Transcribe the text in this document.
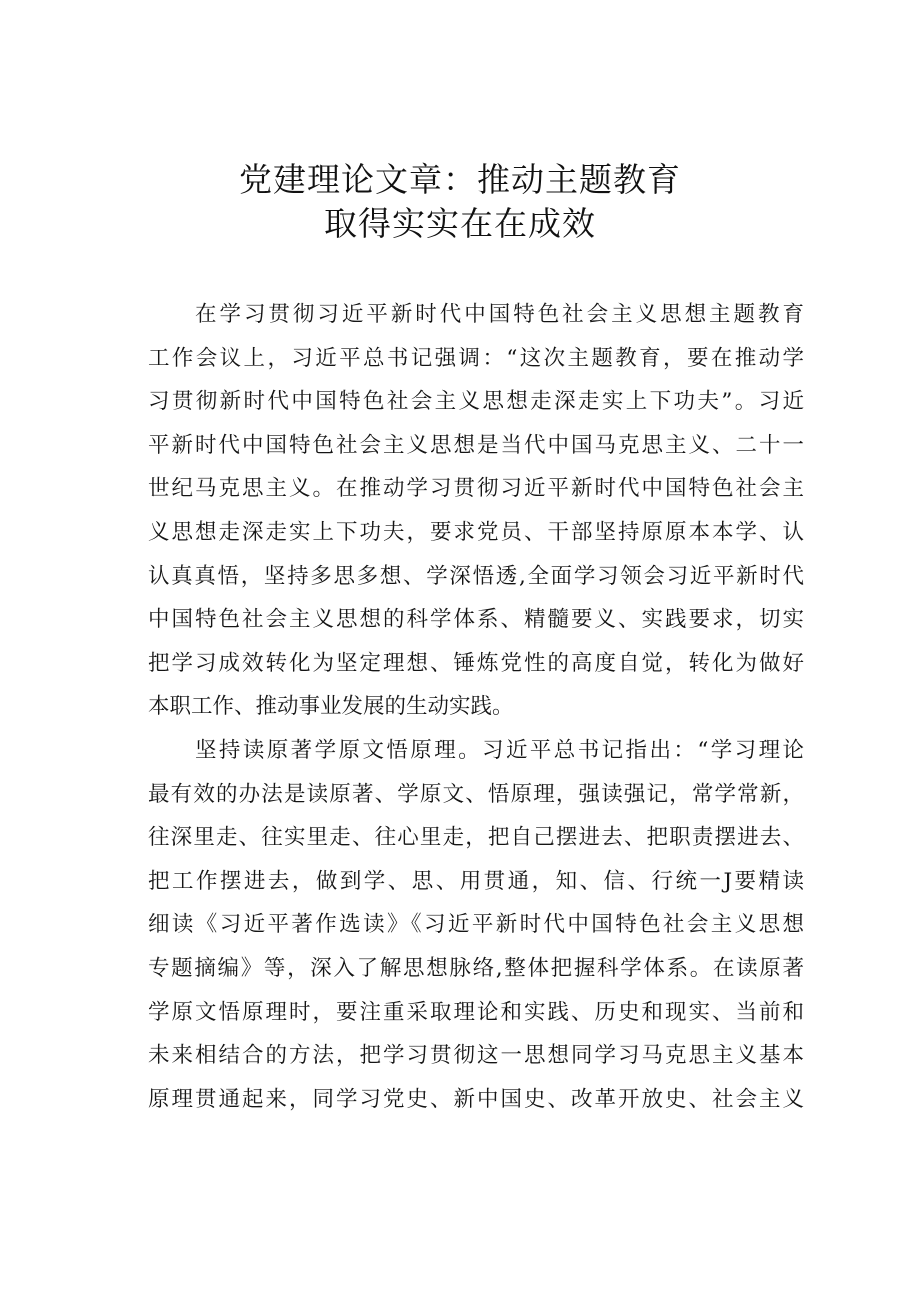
党建理论文章：推动主题教育
取得实实在在成效
在学习贯彻习近平新时代中国特色社会主义思想主题教育
工作会议上，习近平总书记强调：“这次主题教育，要在推动学
习贯彻新时代中国特色社会主义思想走深走实上下功夫”。习近
平新时代中国特色社会主义思想是当代中国马克思主义、二十一
世纪马克思主义。在推动学习贯彻习近平新时代中国特色社会主
义思想走深走实上下功夫，要求党员、干部坚持原原本本学、认
认真真悟，坚持多思多想、学深悟透,全面学习领会习近平新时代
中国特色社会主义思想的科学体系、精髓要义、实践要求，切实
把学习成效转化为坚定理想、锤炼党性的高度自觉，转化为做好
本职工作、推动事业发展的生动实践。
坚持读原著学原文悟原理。习近平总书记指出：“学习理论
最有效的办法是读原著、学原文、悟原理，强读强记，常学常新，
往深里走、往实里走、往心里走，把自己摆进去、把职责摆进去、
把工作摆进去，做到学、思、用贯通，知、信、行统一J要精读
细读《习近平著作选读》《习近平新时代中国特色社会主义思想
专题摘编》等，深入了解思想脉络,整体把握科学体系。在读原著
学原文悟原理时，要注重采取理论和实践、历史和现实、当前和
未来相结合的方法，把学习贯彻这一思想同学习马克思主义基本
原理贯通起来，同学习党史、新中国史、改革开放史、社会主义
